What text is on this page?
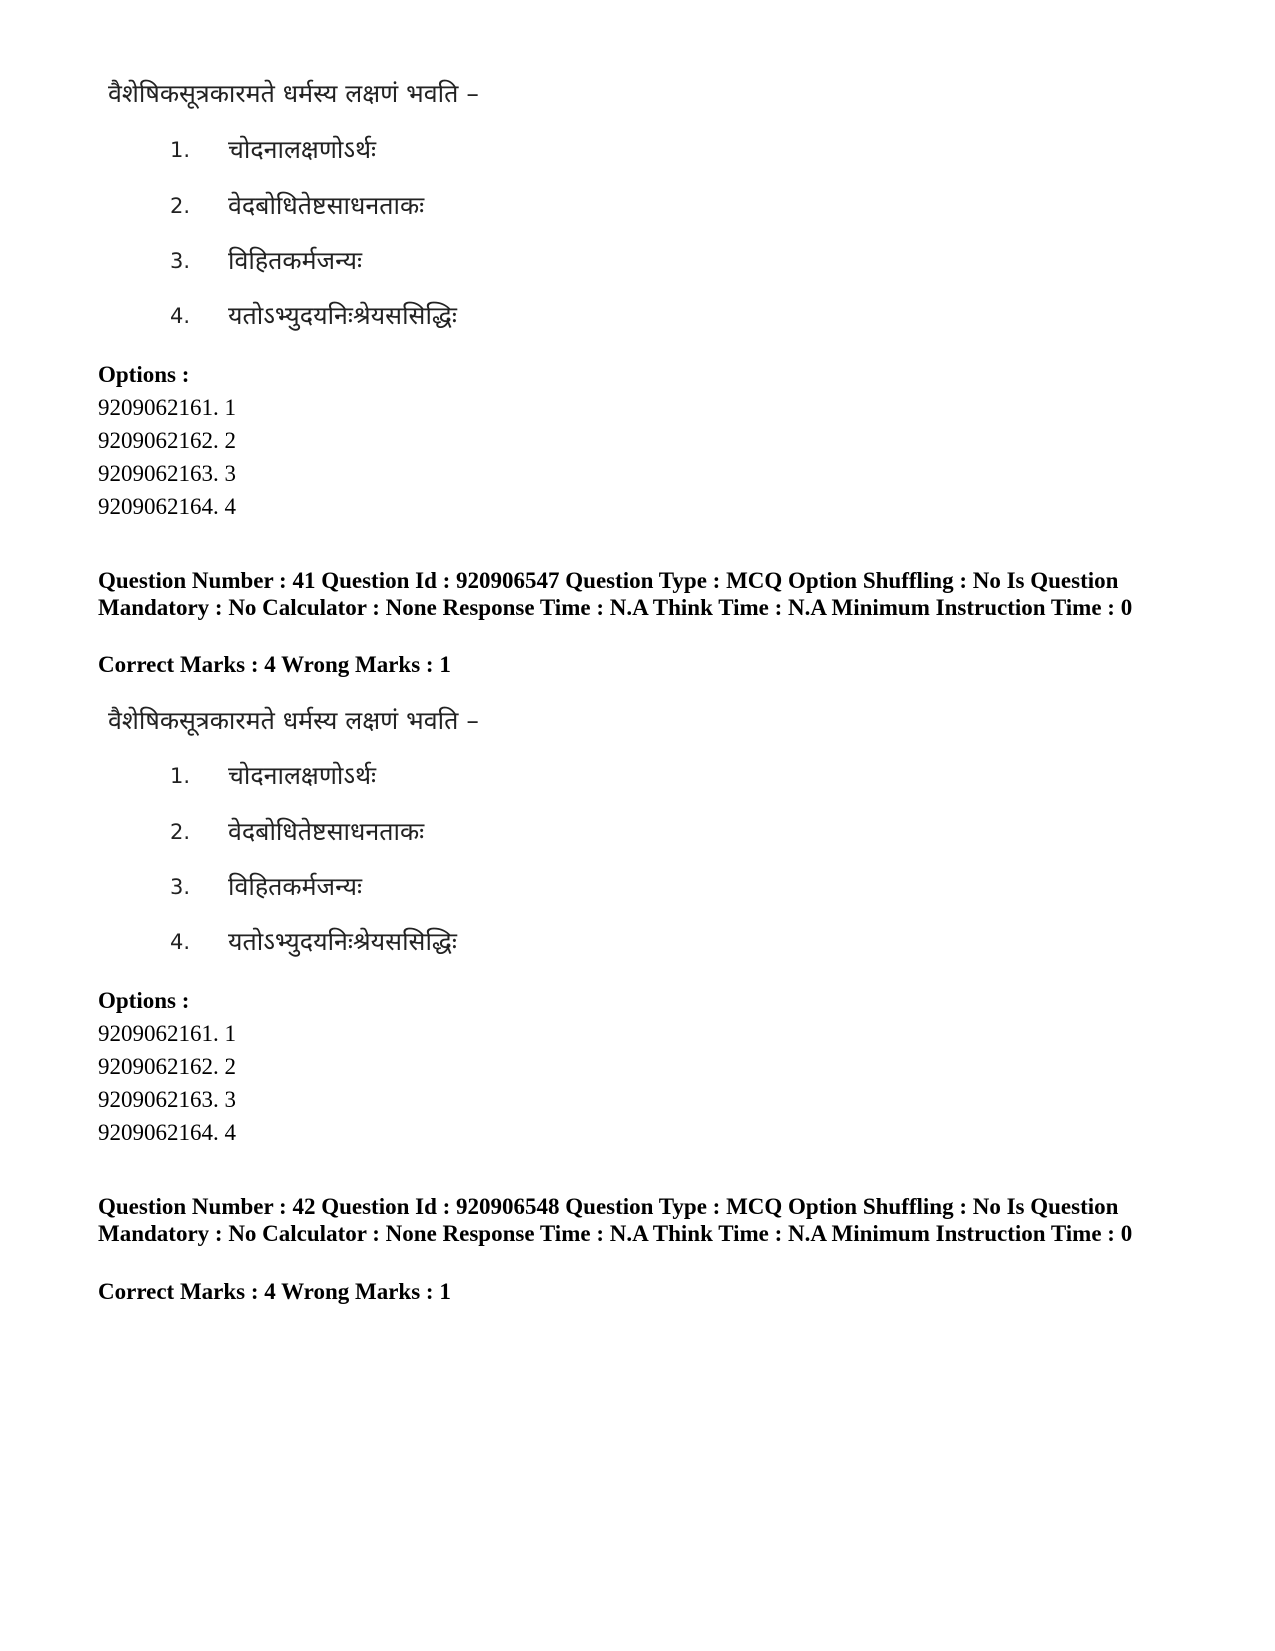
वैशेषिकसूत्रकारमते धर्मस्य लक्षणं भवति –
1.	चोदनालक्षणोऽर्थः
2.	वेदबोधितेष्टसाधनताकः
3.	विहितकर्मजन्यः
4.	यतोऽभ्युदयनिःश्रेयससिद्धिः
Options :
9209062161. 1
9209062162. 2
9209062163. 3
9209062164. 4
Question Number : 41 Question Id : 920906547 Question Type : MCQ Option Shuffling : No Is Question Mandatory : No Calculator : None Response Time : N.A Think Time : N.A Minimum Instruction Time : 0
Correct Marks : 4 Wrong Marks : 1
वैशेषिकसूत्रकारमते धर्मस्य लक्षणं भवति –
1.	चोदनालक्षणोऽर्थः
2.	वेदबोधितेष्टसाधनताकः
3.	विहितकर्मजन्यः
4.	यतोऽभ्युदयनिःश्रेयससिद्धिः
Options :
9209062161. 1
9209062162. 2
9209062163. 3
9209062164. 4
Question Number : 42 Question Id : 920906548 Question Type : MCQ Option Shuffling : No Is Question Mandatory : No Calculator : None Response Time : N.A Think Time : N.A Minimum Instruction Time : 0
Correct Marks : 4 Wrong Marks : 1
